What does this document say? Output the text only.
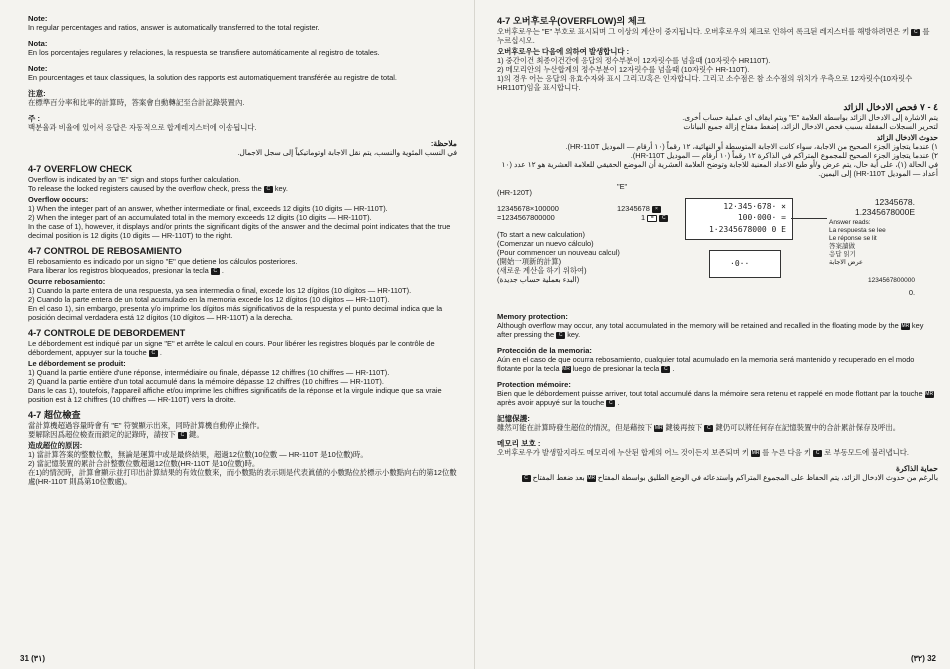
Note:
In regular percentages and ratios, answer is automatically transferred to the total register.
Nota:
En los porcentajes regulares y relaciones, la respuesta se transfiere automáticamente al registro de totales.
Note:
En pourcentages et taux classiques, la solution des rapports est automatiquement transférée au registre de total.
注意:
在標準百分率和比率的計算時，答案會自動轉記至合計記錄裝置內.
주 :
백분율과 비율에 있어서 응답은 자동적으로 합계레지스터에 이송됩니다.
ملاحظة:
في النسب المئوية والنسب، يتم نقل الاجابة اوتوماتيكياً إلى سجل الاجمال.
4-7 OVERFLOW CHECK
Overflow is indicated by an "E" sign and stops further calculation.
To release the locked registers caused by the overflow check, press the C key.
Overflow occurs:
1) When the integer part of an answer, whether intermediate or final, exceeds 12 digits (10 digits — HR-110T).
2) When the integer part of an accumulated total in the memory exceeds 12 digits (10 digits — HR-110T).
In the case of 1), however, it displays and/or prints the significant digits of the answer and the decimal point indicates that the true decimal position is 12 digits (10 digits — HR-110T) to the right.
4-7 CONTROL DE REBOSAMIENTO
El rebosamiento es indicado por un signo "E" que detiene los cálculos posteriores.
Para liberar los registros bloqueados, presionar la tecla C .
Ocurre rebosamiento:
1) Cuando la parte entera de una respuesta, ya sea intermedia o final, excede los 12 dígitos (10 dígitos — HR-110T).
2) Cuando la parte entera de un total acumulado en la memoria excede los 12 dígitos (10 dígitos — HR-110T).
En el caso 1), sin embargo, presenta y/o imprime los dígitos más significativos de la respuesta y el punto decimal indica que la posición decimal verdadera está 12 dígitos (10 dígitos — HR-110T) a la derecha.
4-7 CONTROLE DE DEBORDEMENT
Le débordement est indiqué par un signe "E" et arrête le calcul en cours. Pour libérer les registres bloqués par le contrôle de débordement, appuyer sur la touche C .
Le débordement se produit:
1) Quand la partie entière d'une réponse, intermédiaire ou finale, dépasse 12 chiffres (10 chiffres — HR-110T).
2) Quand la partie entière d'un total accumulé dans la mémoire dépasse 12 chiffres (10 chiffres — HR-110T).
Dans le cas 1), toutefois, l'appareil affiche et/ou imprime les chiffres significatifs de la réponse et la virgule indique que sa vraie position est à 12 chiffres (10 chiffres — HR-110T) vers la droite.
4-7 超位檢查
當計算機超過容量時會有 "E" 符號顯示出來，同時計算機自動停止操作。
要解除因爲超位檢查而鎖定的記錄時，請按下 C 鍵。
造成超位的原因:
1) 當計算答案的整數位數，無論是運算中或是最終結果，超過12位數(10位數 — HR-110T 是10位數)時。
2) 當記憶裝置的累計合計整數位數超過12位數(HR-110T 是10位數)時。
在1)的情況時，計算會顯示並打印出計算結果的有效位數來，而小數點的表示則是代表眞値的小數點位於標示小數點向右的第12位數處(HR-110T 則爲第10位數處)。
31 (٣١)
4-7 오버후로우(OVERFLOW)의 체크
오버후로우는 "E" 부호로 표시되며 그 이상의 계산이 중지됩니다. 오버후로우의 체크로 인하여 록크된 레지스터를 해방하려면은 키 C 를 누르십시오.
오버후로우는 다음에 의하여 발생합니다 :
1) 중간이건 최종이건간에 응답의 정수부분이 12자릿수를 넘을때 (10자릿수 HR110T).
2) 메모리안의 누산합계의 정수부분이 12자릿수를 넘을때 (10자릿수 HR-110T).
1)의 경우 어는 응답의 유효수자와 표시 그리고/혹은 인자합니다. 그리고 소수점은 참 소수점의 위치가 우측으로 12자릿수(10자릿수 HR110T)임을 표시합니다.
٤ - ٧ فحص الادخال الزائد
يتم الاشارة إلى الادخال الزائد بواسطة العلامة "E" ويتم ايقاف اي عملية حساب أخرى.
لتحرير السجلات المقفلة بسبب فحص الادخال الزائد، إضغط مفتاح إزالة جميع البيانات
حدوث الادخال الزائد
١) عندما يتجاوز الجزء الصحيح من الاجابة، سواء كانت الاجابة المتوسطة أو النهائية، ١٢ رقماً (١٠ أرقام — الموديل HR-110T).
٢) عندما يتجاوز الجزء الصحيح للمجموع المتراكم في الذاكرة ١٢ رقماً (١٠ أرقام — الموديل HR-110T).
في الحالة (١)، على أية حال، يتم عرض و/أو طبع الاعداد المعنية للاجابة وتوضح العلامة العشرية أن الموضع الحقيقي للعلامة العشرية هو ١٢ عدد (١٠ أعداد — الموديل HR-110T) إلى اليمين.
(HR-120T)
"E"
12345678×100000
=1234567800000
12345678 ×
1 = C
(To start a new calculation)
(Comenzar un nuevo cálculo)
(Pour commencer un nouveau calcul)
(開始一項新的計算)
(새로운 계산을 하기 위하여)
(البدء بعملية حساب جديدة)
12·345·678· ×
100·000· =
1·2345678000 0 E
·0··
12345678.
1.2345678000E
Answer reads:
La respuesta se lee
Le réponse se lit
答案讀做
응답 읽기
عرض الاجابة
1234567800000
0.
Memory protection:
Although overflow may occur, any total accumulated in the memory will be retained and recalled in the floating mode by the MR key after pressing the C key.
Protección de la memoria:
Aún en el caso de que ocurra rebosamiento, cualquier total acumulado en la memoria será mantenido y recuperado en el modo flotante por la tecla MR luego de presionar la tecla C .
Protection mémoire:
Bien que le débordement puisse arriver, tout total accumulé dans la mémoire sera retenu et rappelé en mode flottant par la touche MR après avoir appuyé sur la touche C .
記憶保護:
雖然可能在計算時發生超位的情況，但是藉按下 MR 鍵後再按下 C 鍵仍可以將任何存在記憶裝置中的合計累計保存及呼出。
메모리 보호 :
오버후로우가 발생할지라도 메모리에 누산된 합계의 어느 것이든지 보존되며 키 MR 를 누른 다음 키 C 로 부동모드에 불러냅니다.
حماية الذاكرة
بالرغم من حدوث الادخال الزائد، يتم الحفاظ على المجموع المتراكم واستدعائه في الوضع الطليق بواسطة المفتاح MR بعد ضغط المفتاح C
(٣٢) 32
